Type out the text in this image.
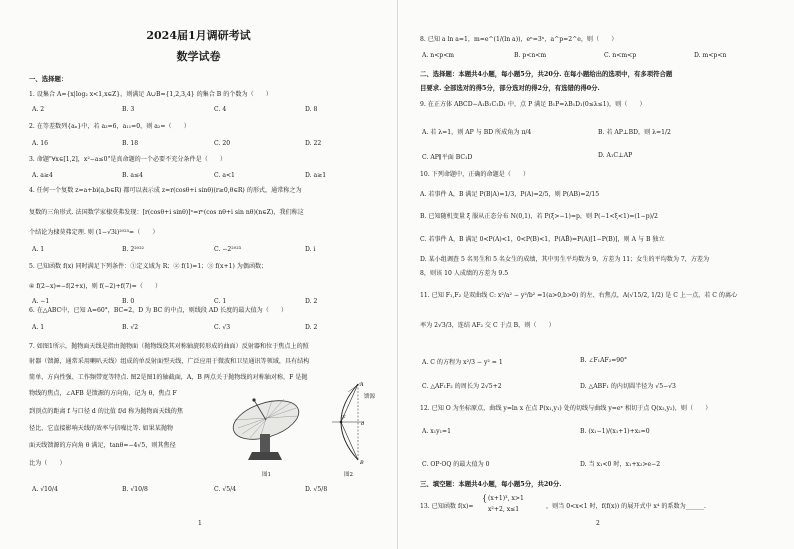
2024届1月调研考试
数学试卷
一、选择题：
1. 设集合 A={x|log₂ x<1,x∈Z}，则满足 A∪B={1,2,3,4} 的集合 B 的个数为（　　）
A. 2	B. 3	C. 4	D. 8
2. 在等差数列{aₙ}中，若 a₃=6，a₁₁=0，则 a₂=（　　）
A. 16	B. 18	C. 20	D. 22
3. 命题"∀x∈[1,2]，x²−a≤0"是真命题的一个必要不充分条件是（　　）
A. a≥4	B. a≤4	C. a<1	D. a≥1
4. 任何一个复数 z=a+bi(a,b∈R) 都可以表示成 z=r(cosθ+i sinθ)(r≥0,θ∈R) 的形式，通常称之为
复数的三角形式. 法国数学家棣莫弗发现：[r(cosθ+i sinθ)]ⁿ=rⁿ(cos nθ+i sin nθ)(n∈Z)，我们称这
个结论为棣莫弗定理. 则 (1−√3i)²⁰²³=（　　）
A. 1	B. 2²⁰²²	C. −2²⁰²³	D. i
5. 已知函数 f(x) 同时满足下列条件：①定义域为 R；② f(1)=1；③ f(x+1) 为偶函数；
④ f(2−x)=−f(2+x)，则 f(−2)+f(7)=（　　）
A. −1	B. 0	C. 1	D. 2
6. 在△ABC中，已知 A=60°，BC=2，D 为 BC 的中点，则线段 AD 长度的最大值为（　　）
A. 1	B. √2	C. √3	D. 2
7. 如图1所示，抛物面天线是指由抛物面（抛物线绕其对称轴旋转形成的曲面）反射器和位于焦点上的照
射器（馈源，通常采用喇叭天线）组成的单反射面型天线，广泛应用于微波和卫星通讯等领域，具有结构
简单、方向性强、工作频带宽等特点. 图2是图1的轴截面，A，B 两点关于抛物线的对称轴对称，F 是抛
物线的焦点，∠AFB 是馈源的方向角，记为 θ，焦点 F
到顶点的距离 f 与口径 d 的比值 f/d 称为抛物面天线的焦
径比，它直接影响天线的效率与信噪比等. 如果某抛物
面天线馈源的方向角 θ 满足，tanθ=−4√5，则其焦径
比为（　　）
图1
A
B
F
d
馈源
图2
A. √10/4	B. √10/8	C. √5/4	D. √5/8
1
8. 已知 a ln a=1，m=e^(1/(ln a))，eⁿ=3ⁿ，a^p=2^e，则（　　）
A. n<p<m	B. p<n<m	C. n<m<p	D. m<p<n
二、选择题：本题共4小题，每小题5分，共20分. 在每小题给出的选项中，有多项符合题
目要求. 全部选对的得5分，部分选对的得2分，有选错的得0分.
9. 在正方体 ABCD−A₁B₁C₁D₁ 中，点 P 满足 B₁P=λB₁D₁(0≤λ≤1)，则（　　）
A. 若 λ=1，则 AP 与 BD 所成角为 π/4	B. 若 AP⊥BD，则 λ=1/2
C. AP∥平面 BC₁D	D. A₁C⊥AP
10. 下列命题中，正确的命题是（　　）
A. 若事件 A，B 满足 P(B|A)=1/3，P(A)=2/5，则 P(AB)=2/15
B. 已知随机变量 ξ 服从正态分布 N(0,1)，若 P(ξ>−1)=p，则 P(−1<ξ<1)=(1−p)/2
C. 若事件 A，B 满足 0<P(A)<1，0<P(B)<1，P(AB̄)=P(A)[1−P(B)]，则 A 与 B 独立
D. 某小组调查 5 名男生和 5 名女生的成绩，其中男生平均数为 9，方差为 11；女生的平均数为 7，方差为
8，则该 10 人成绩的方差为 9.5
11. 已知 F₁,F₂ 是双曲线 C: x²/a² − y²/b² =1(a>0,b>0) 的左、右焦点，A(√15/2, 1/2) 是 C 上一点，若 C 的离心
率为 2√3/3，连结 AF₂ 交 C 于点 B，则（　　）
A. C 的方程为 x²/3 − y² = 1	B. ∠F₁AF₂=90°
C. △AF₁F₂ 的周长为 2√5+2	D. △ABF₁ 的内切圆半径为 √5−√3
12. 已知 O 为坐标原点，曲线 y=ln x 在点 P(x₁,y₁) 处的切线与曲线 y=eˣ 相切于点 Q(x₂,y₂)，则（　　）
A. x₁y₁=1	B. (x₁−1)/(x₁+1)+x₂=0
C. OP·OQ 的最大值为 0	D. 当 x₁<0 时，x₁+x₂>e−2
三、填空题：本题共4小题，每小题5分，共20分.
13. 已知函数 f(x)=
{ (x+1)³, x>1
x²+2, x≤1	，则当 0<x<1 时，f(f(x)) 的展开式中 x⁴ 的系数为______.
2
